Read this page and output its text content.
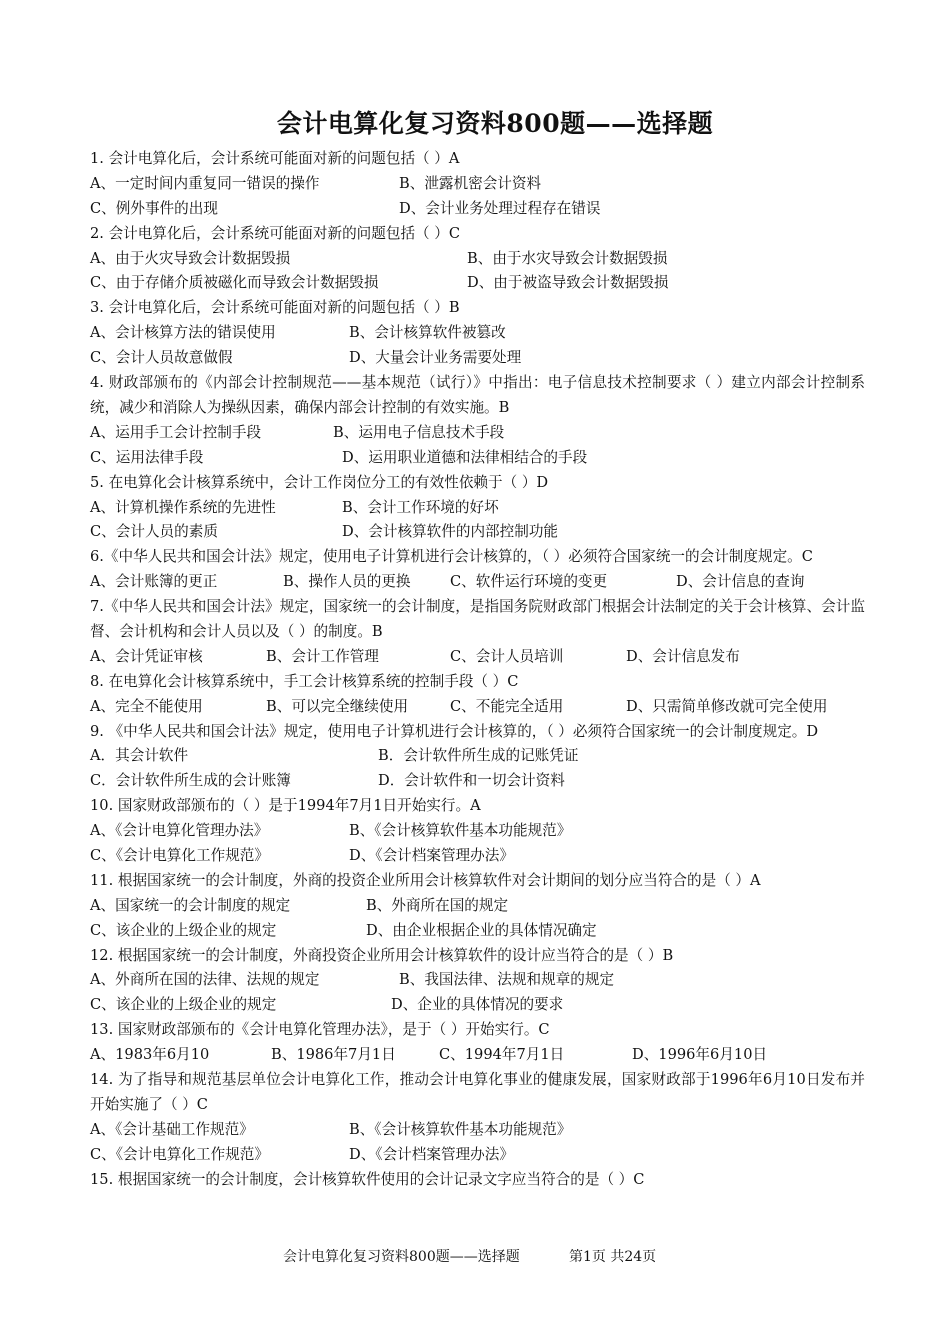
会计电算化复习资料800题——选择题
1. 会计电算化后，会计系统可能面对新的问题包括（ ）A
A、一定时间内重复同一错误的操作	B、泄露机密会计资料
C、例外事件的出现	D、会计业务处理过程存在错误
2. 会计电算化后，会计系统可能面对新的问题包括（ ）C
A、由于火灾导致会计数据毁损	B、由于水灾导致会计数据毁损
C、由于存储介质被磁化而导致会计数据毁损	D、由于被盗导致会计数据毁损
3. 会计电算化后，会计系统可能面对新的问题包括（ ）B
A、会计核算方法的错误使用	B、会计核算软件被篡改
C、会计人员故意做假	D、大量会计业务需要处理
4. 财政部颁布的《内部会计控制规范——基本规范（试行）》中指出：电子信息技术控制要求（ ）建立内部会计控制系统，减少和消除人为操纵因素，确保内部会计控制的有效实施。B
A、运用手工会计控制手段	B、运用电子信息技术手段
C、运用法律手段	D、运用职业道德和法律相结合的手段
5. 在电算化会计核算系统中，会计工作岗位分工的有效性依赖于（ ）D
A、计算机操作系统的先进性	B、会计工作环境的好坏
C、会计人员的素质	D、会计核算软件的内部控制功能
6.《中华人民共和国会计法》规定，使用电子计算机进行会计核算的，（ ）必须符合国家统一的会计制度规定。C
A、会计账簿的更正	B、操作人员的更换	C、软件运行环境的变更	D、会计信息的查询
7.《中华人民共和国会计法》规定，国家统一的会计制度，是指国务院财政部门根据会计法制定的关于会计核算、会计监督、会计机构和会计人员以及（ ）的制度。B
A、会计凭证审核	B、会计工作管理	C、会计人员培训	D、会计信息发布
8. 在电算化会计核算系统中，手工会计核算系统的控制手段（ ）C
A、完全不能使用	B、可以完全继续使用	C、不能完全适用	D、只需简单修改就可完全使用
9. 《中华人民共和国会计法》规定，使用电子计算机进行会计核算的，（ ）必须符合国家统一的会计制度规定。D
A．其会计软件	B．会计软件所生成的记账凭证
C．会计软件所生成的会计账簿	D．会计软件和一切会计资料
10. 国家财政部颁布的（ ）是于1994年7月1日开始实行。A
A、《会计电算化管理办法》	B、《会计核算软件基本功能规范》
C、《会计电算化工作规范》	D、《会计档案管理办法》
11. 根据国家统一的会计制度，外商的投资企业所用会计核算软件对会计期间的划分应当符合的是（ ）A
A、国家统一的会计制度的规定	B、外商所在国的规定
C、该企业的上级企业的规定	D、由企业根据企业的具体情况确定
12. 根据国家统一的会计制度，外商投资企业所用会计核算软件的设计应当符合的是（ ）B
A、外商所在国的法律、法规的规定	B、我国法律、法规和规章的规定
C、该企业的上级企业的规定	D、企业的具体情况的要求
13. 国家财政部颁布的《会计电算化管理办法》，是于（ ）开始实行。C
A、1983年6月10	B、1986年7月1日	C、1994年7月1日	D、1996年6月10日
14. 为了指导和规范基层单位会计电算化工作，推动会计电算化事业的健康发展，国家财政部于1996年6月10日发布并开始实施了（ ）C
A、《会计基础工作规范》	B、《会计核算软件基本功能规范》
C、《会计电算化工作规范》	D、《会计档案管理办法》
15. 根据国家统一的会计制度，会计核算软件使用的会计记录文字应当符合的是（ ）C
会计电算化复习资料800题——选择题	第1页 共24页
